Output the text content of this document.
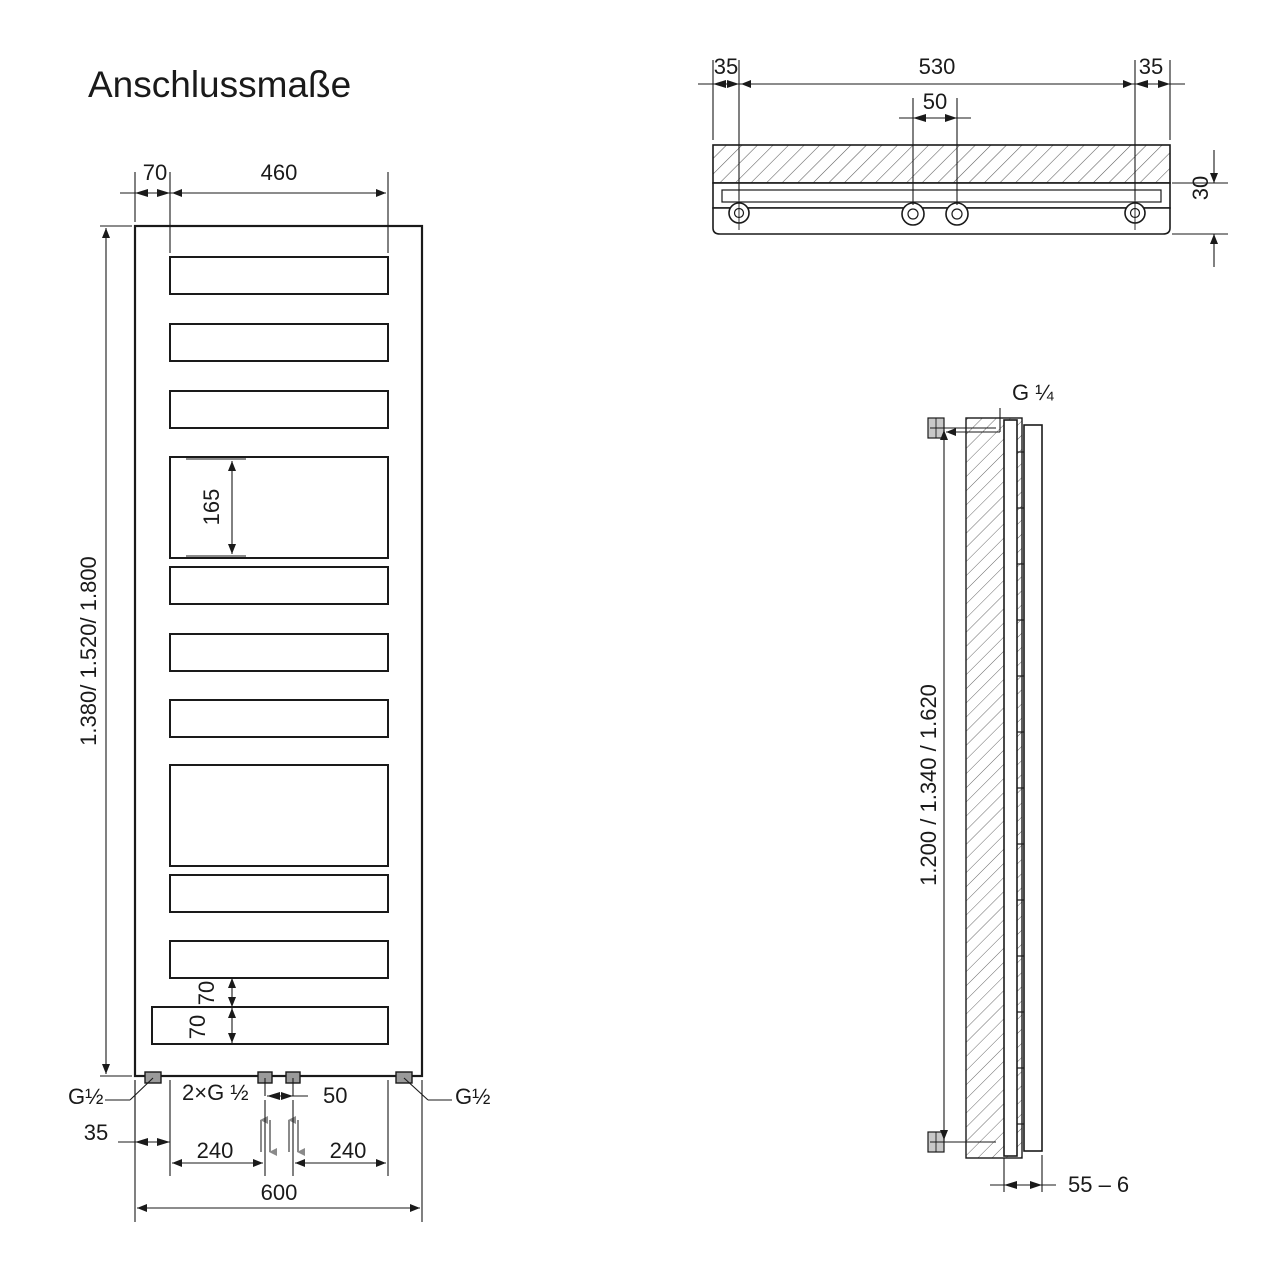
70	460
1.380/ 1.520/ 1.800
165
70
70
G½	G½
2×G ½	50
35
240	240
600
35	530	35
50
30
G ¼
1.200 / 1.340 / 1.620
55 – 6
Anschlussmaße
